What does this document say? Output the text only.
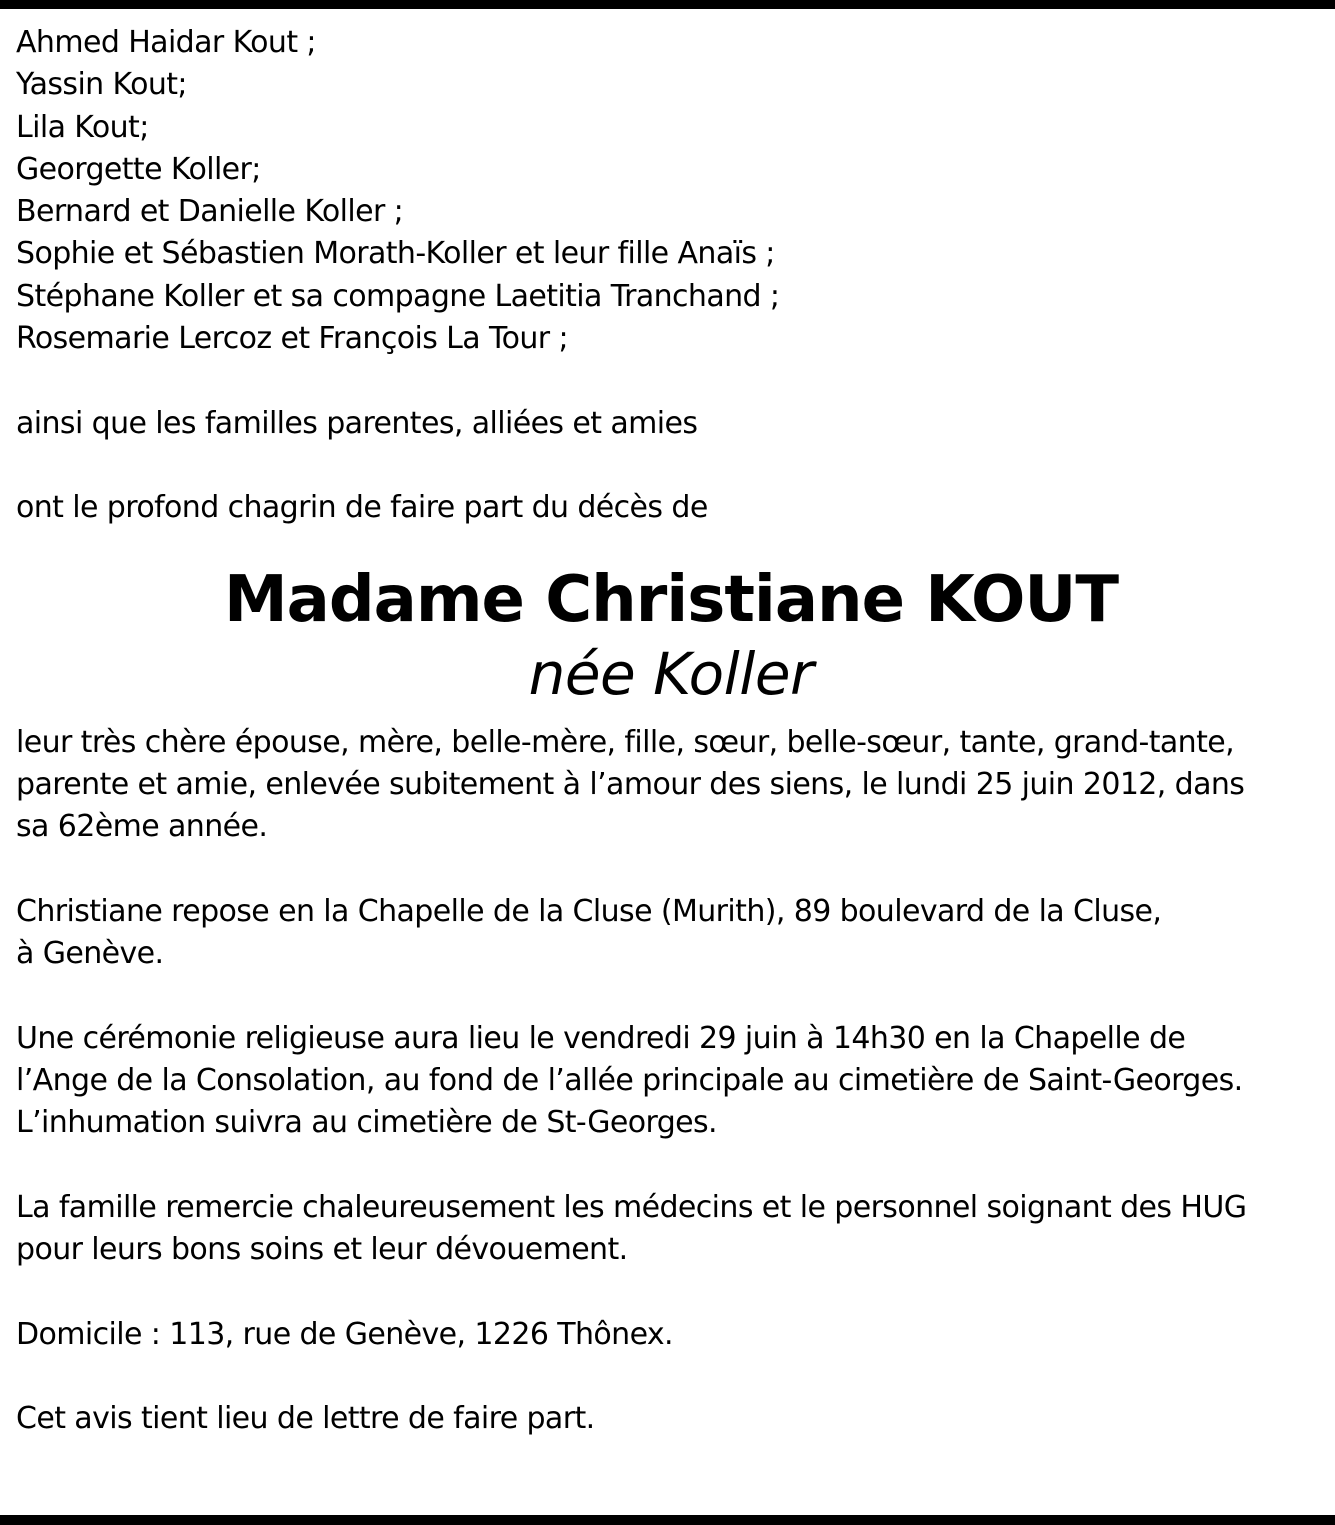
Ahmed Haidar Kout ;
Yassin Kout;
Lila Kout;
Georgette Koller;
Bernard et Danielle Koller ;
Sophie et Sébastien Morath-Koller et leur fille Anaïs ;
Stéphane Koller et sa compagne Laetitia Tranchand ;
Rosemarie Lercoz et François La Tour ;
ainsi que les familles parentes, alliées et amies
ont le profond chagrin de faire part du décès de
Madame Christiane KOUT
née Koller
leur très chère épouse, mère, belle-mère, fille, sœur, belle-sœur, tante, grand-tante,
parente et amie, enlevée subitement à l’amour des siens, le lundi 25 juin 2012, dans
sa 62ème année.
Christiane repose en la Chapelle de la Cluse (Murith), 89 boulevard de la Cluse,
à Genève.
Une cérémonie religieuse aura lieu le vendredi 29 juin à 14h30 en la Chapelle de
l’Ange de la Consolation, au fond de l’allée principale au cimetière de Saint-Georges.
L’inhumation suivra au cimetière de St-Georges.
La famille remercie chaleureusement les médecins et le personnel soignant des HUG
pour leurs bons soins et leur dévouement.
Domicile : 113, rue de Genève, 1226 Thônex.
Cet avis tient lieu de lettre de faire part.
